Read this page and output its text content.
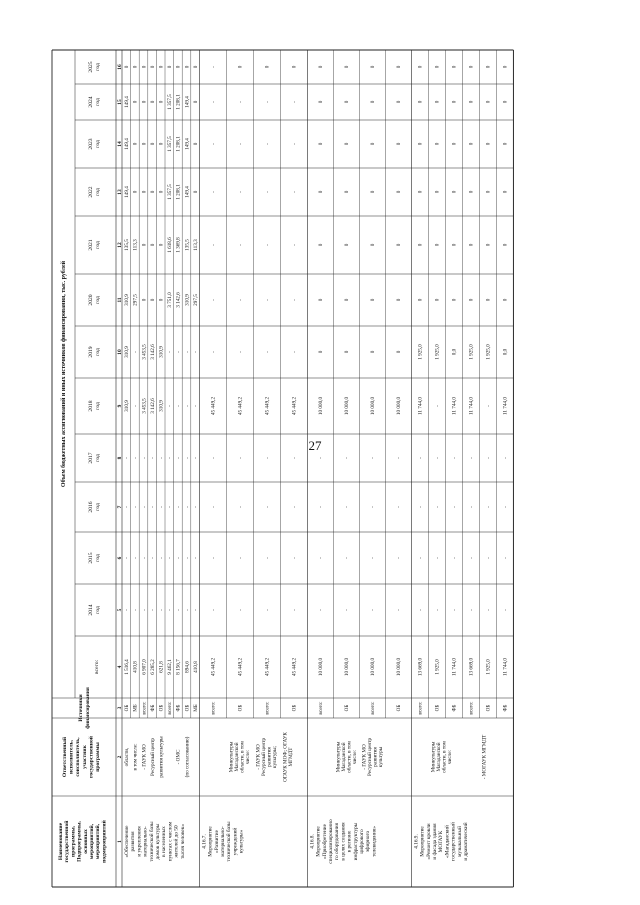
27
Наименование государственной программы, Подпрограммы, основных мероприятий, мероприятий, подмероприятий
Ответственный исполнитель, соисполнитель, участник государственной программы
Источники финансирования
Объем бюджетных ассигнований и иных источников финансирования, тыс. рублей
всего:
2014 год
2015 год
2016 год
2017 год
2018 год
2019 год
2020 год
2021 год
2022 год
2023 год
2024 год
2025 год
1
2
3
4
5
6
7
8
9
10
11
12
13
14
15
16
«Обеспечение развития и укрепления материально- технической базы домов культуры в населенных пунктах с числом жителей до 50 тысяч человек»
области,
ОБ
1 516,4
-
-
-
-
310,9
310,9
310,9
135,5
149,4
149,4
149,4
0
в том числе:
МБ
410,8
-
-
-
-
-
-
297,5
113,3
0
0
0
0
- ГАУК МО
всего:
6 907,0
-
-
-
-
3 453,5
3 453,5
0
0
0
0
0
0
Ресурсный центр
ФБ
6 285,2
-
-
-
-
3 142,6
3 142,6
0
0
0
0
0
0
развития культуры
ОБ
621,8
-
-
-
-
310,9
310,9
0
0
0
0
0
0
всего:
9 462,1
-
-
-
-
-
-
3 751,0
1 618,6
1 357,5
1 357,5
1 357,5
0
- ОМС
ФБ
8 156,7
-
-
-
-
-
-
3 142,6
1 369,8
1 208,1
1 208,1
1 208,1
0
(по согласованию)
ОБ
894,6
-
-
-
-
-
-
310,9
135,5
149,4
149,4
149,4
0
МБ
410,8
-
-
-
-
-
-
297,5
113,3
0
0
0
0
4.16.7. Мероприятие «Развитие материально- технической базы учреждений культуры»
всего:
45 449,2
-
-
-
-
45 449,2
-
-
-
-
-
-
-
Минкультуры Магаданской области, в том числе:
ОБ
45 449,2
-
-
-
-
45 449,2
-
-
-
-
-
-
0
- ГАУК МО Ресурсный центр развития культуры;
всего:
45 449,2
-
-
-
-
45 449,2
-
-
-
-
-
-
0
ОГАУК МОФ; ОГАУК МГМДТ
ОБ
45 449,2
-
-
-
-
45 449,2
-
-
-
-
-
-
0
4.16.8. Мероприятие «Приобретение специализированно го оборудования в целях создания в регионе инфраструктуры цифрового эфирного телевидения»
всего:
10 000,0
-
-
-
-
10 000,0
0
0
0
0
0
0
0
Минкультуры Магаданской области, в том числе:
ОБ
10 000,0
-
-
-
-
10 000,0
0
0
0
0
0
0
0
- ГАУК МО Ресурсный центр развития культуры
всего:
10 000,0
-
-
-
-
10 000,0
0
0
0
0
0
0
0
ОБ
10 000,0
-
-
-
-
10 000,0
0
0
0
0
0
0
0
4.16.9. Мероприятие «Ремонт кровли и фасада здания МОГАУК «Магаданский государственный музыкальный и драматический
всего:
13 669,0
-
-
-
-
11 744,0
1 925,0
0
0
0
0
0
0
Минкультуры Магаданской области, в том числе:
ОБ
1 925,0
-
-
-
-
-
1 925,0
0
0
0
0
0
0
ФБ
11 744,0
-
-
-
-
11 744,0
0,0
0
0
0
0
0
0
всего:
13 669,0
-
-
-
-
11 744,0
1 925,0
0
0
0
0
0
0
- МОГАУК МГМДТ
ОБ
1 925,0
-
-
-
-
-
1 925,0
0
0
0
0
0
0
ФБ
11 744,0
-
-
-
-
11 744,0
0,0
0
0
0
0
0
0
